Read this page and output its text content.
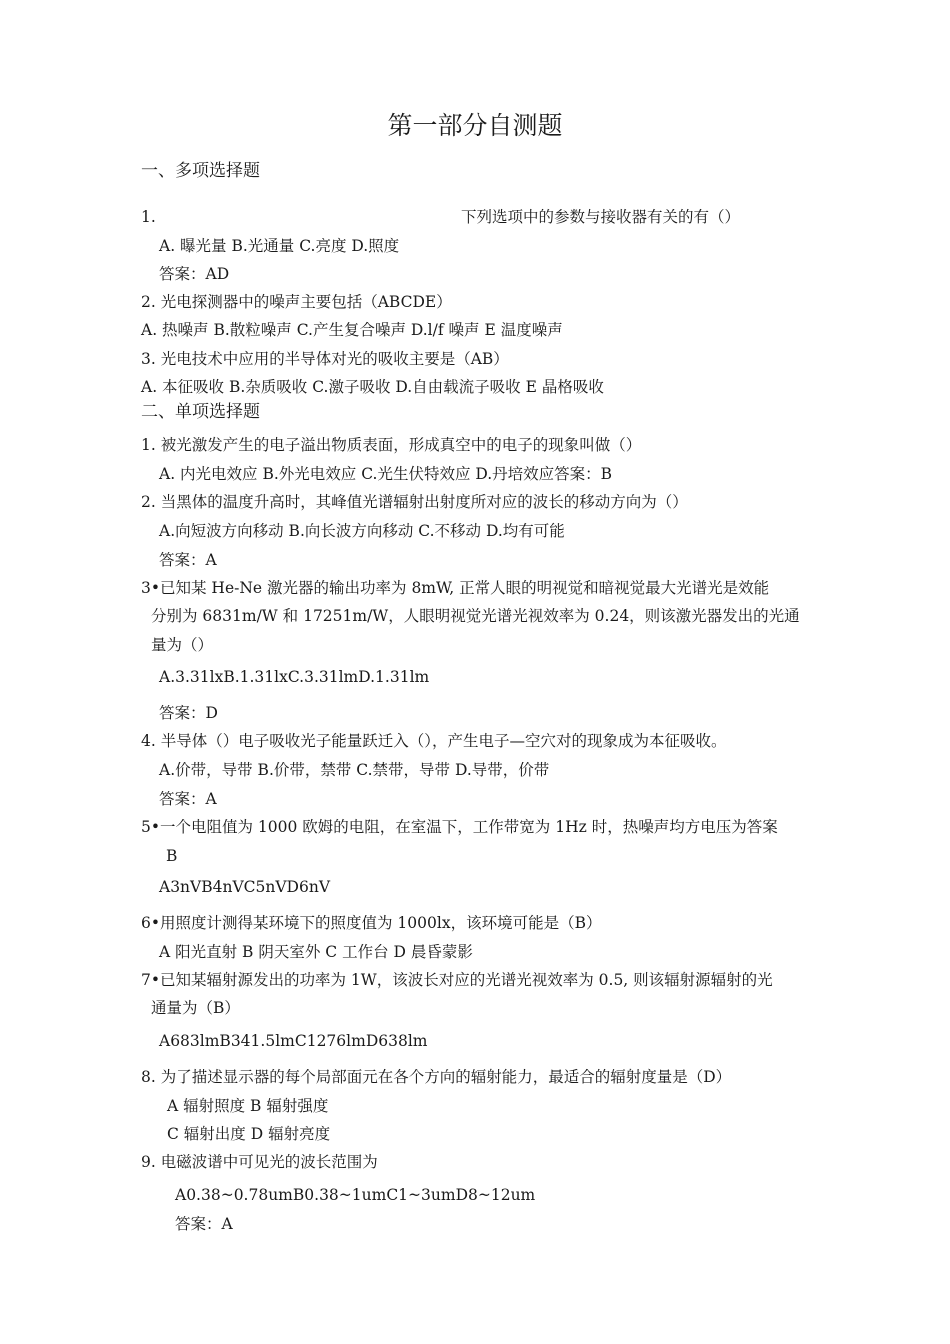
第一部分自测题
一、多项选择题
1.	下列选项中的参数与接收器有关的有（）
A. 曝光量 B.光通量 C.亮度 D.照度
答案：AD
2. 光电探测器中的噪声主要包括（ABCDE）
A. 热噪声 B.散粒噪声 C.产生复合噪声 D.l/f 噪声 E 温度噪声
3. 光电技术中应用的半导体对光的吸收主要是（AB）
A. 本征吸收 B.杂质吸收 C.激子吸收 D.自由载流子吸收 E 晶格吸收
二、单项选择题
1. 被光激发产生的电子溢出物质表面，形成真空中的电子的现象叫做（）
A. 内光电效应 B.外光电效应 C.光生伏特效应 D.丹培效应答案：B
2. 当黑体的温度升高时，其峰值光谱辐射出射度所对应的波长的移动方向为（）
A.向短波方向移动 B.向长波方向移动 C.不移动 D.均有可能
答案：A
3•已知某 He-Ne 激光器的输出功率为 8mW, 正常人眼的明视觉和暗视觉最大光谱光是效能
分别为 6831m/W 和 17251m/W，人眼明视觉光谱光视效率为 0.24，则该激光器发出的光通
量为（）
A.3.31lxB.1.31lxC.3.31lmD.1.31lm
答案：D
4. 半导体（）电子吸收光子能量跃迁入（），产生电子—空穴对的现象成为本征吸收。
A.价带，导带 B.价带，禁带 C.禁带，导带 D.导带，价带
答案：A
5•一个电阻值为 1000 欧姆的电阻，在室温下，工作带宽为 1Hz 时，热噪声均方电压为答案
B
A3nVB4nVC5nVD6nV
6•用照度计测得某环境下的照度值为 1000lx，该环境可能是（B）
A 阳光直射 B 阴天室外 C 工作台 D 晨昏蒙影
7•已知某辐射源发出的功率为 1W，该波长对应的光谱光视效率为 0.5, 则该辐射源辐射的光
通量为（B）
A683lmB341.5lmC1276lmD638lm
8. 为了描述显示器的每个局部面元在各个方向的辐射能力，最适合的辐射度量是（D）
A 辐射照度 B 辐射强度
C 辐射出度 D 辐射亮度
9. 电磁波谱中可见光的波长范围为
A0.38~0.78umB0.38~1umC1~3umD8~12um
答案：A
